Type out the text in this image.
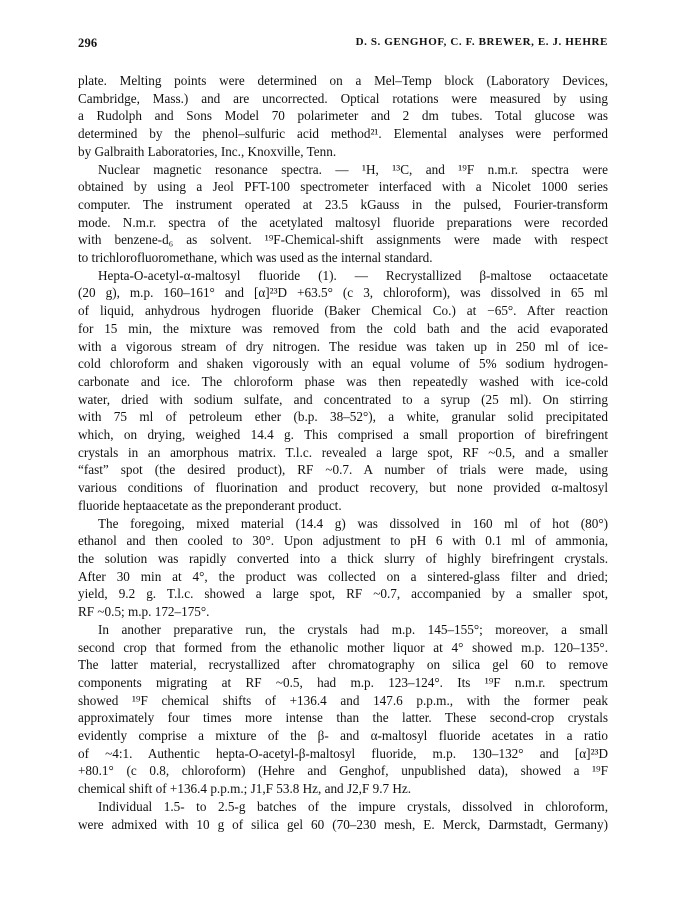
296	D. S. GENGHOF, C. F. BREWER, E. J. HEHRE

plate. Melting points were determined on a Mel–Temp block (Laboratory Devices,
Cambridge, Mass.) and are uncorrected. Optical rotations were measured by using
a Rudolph and Sons Model 70 polarimeter and 2 dm tubes. Total glucose was
determined by the phenol–sulfuric acid method²¹. Elemental analyses were performed
by Galbraith Laboratories, Inc., Knoxville, Tenn.

Nuclear magnetic resonance spectra. — ¹H, ¹³C, and ¹⁹F n.m.r. spectra were
obtained by using a Jeol PFT-100 spectrometer interfaced with a Nicolet 1000 series
computer. The instrument operated at 23.5 kGauss in the pulsed, Fourier-transform
mode. N.m.r. spectra of the acetylated maltosyl fluoride preparations were recorded
with benzene-d₆ as solvent. ¹⁹F-Chemical-shift assignments were made with respect
to trichlorofluoromethane, which was used as the internal standard.

Hepta-O-acetyl-α-maltosyl fluoride (1). — Recrystallized β-maltose octaacetate
(20 g), m.p. 160–161° and [α]²³D +63.5° (c 3, chloroform), was dissolved in 65 ml
of liquid, anhydrous hydrogen fluoride (Baker Chemical Co.) at −65°. After reaction
for 15 min, the mixture was removed from the cold bath and the acid evaporated
with a vigorous stream of dry nitrogen. The residue was taken up in 250 ml of ice-
cold chloroform and shaken vigorously with an equal volume of 5% sodium hydrogen-
carbonate and ice. The chloroform phase was then repeatedly washed with ice-cold
water, dried with sodium sulfate, and concentrated to a syrup (25 ml). On stirring
with 75 ml of petroleum ether (b.p. 38–52°), a white, granular solid precipitated
which, on drying, weighed 14.4 g. This comprised a small proportion of birefringent
crystals in an amorphous matrix. T.l.c. revealed a large spot, RF ~0.5, and a smaller
“fast” spot (the desired product), RF ~0.7. A number of trials were made, using
various conditions of fluorination and product recovery, but none provided α-maltosyl
fluoride heptaacetate as the preponderant product.

The foregoing, mixed material (14.4 g) was dissolved in 160 ml of hot (80°)
ethanol and then cooled to 30°. Upon adjustment to pH 6 with 0.1 ml of ammonia,
the solution was rapidly converted into a thick slurry of highly birefringent crystals.
After 30 min at 4°, the product was collected on a sintered-glass filter and dried;
yield, 9.2 g. T.l.c. showed a large spot, RF ~0.7, accompanied by a smaller spot,
RF ~0.5; m.p. 172–175°.

In another preparative run, the crystals had m.p. 145–155°; moreover, a small
second crop that formed from the ethanolic mother liquor at 4° showed m.p. 120–135°.
The latter material, recrystallized after chromatography on silica gel 60 to remove
components migrating at RF ~0.5, had m.p. 123–124°. Its ¹⁹F n.m.r. spectrum
showed ¹⁹F chemical shifts of +136.4 and 147.6 p.p.m., with the former peak
approximately four times more intense than the latter. These second-crop crystals
evidently comprise a mixture of the β- and α-maltosyl fluoride acetates in a ratio
of ~4:1. Authentic hepta-O-acetyl-β-maltosyl fluoride, m.p. 130–132° and [α]²³D
+80.1° (c 0.8, chloroform) (Hehre and Genghof, unpublished data), showed a ¹⁹F
chemical shift of +136.4 p.p.m.; J1,F 53.8 Hz, and J2,F 9.7 Hz.

Individual 1.5- to 2.5-g batches of the impure crystals, dissolved in chloroform,
were admixed with 10 g of silica gel 60 (70–230 mesh, E. Merck, Darmstadt, Germany)
